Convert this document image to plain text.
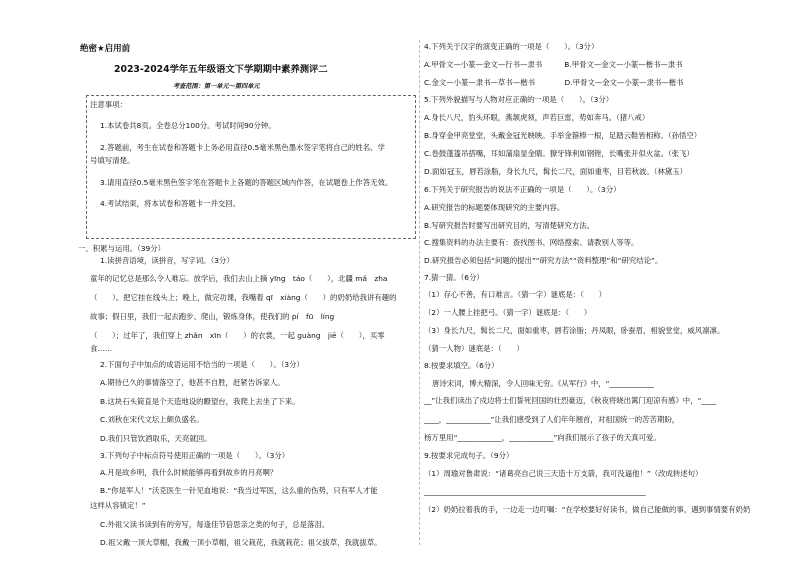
绝密★启用前
2023-2024学年五年级语文下学期期中素养测评二
考查范围：第一单元～第四单元
注意事项：
1.本试卷共8页。全卷总分100分。考试时间90分钟。
2.答题前，考生在试卷和答题卡上务必用直径0.5毫米黑色墨水签字笔将自己的姓名、学
号填写清楚。
3.请用直径0.5毫米黑色签字笔在答题卡上各题的答题区域内作答，在试题卷上作答无效。
4.考试结束，将本试卷和答题卡一并交回。
一、积累与运用。（39分）
1.读拼音语境，读拼音，写字词。（3分）
童年的记忆总是那么令人难忘。放学后，我们去山上摘 yīng　táo（　　），北疆 mǎ　zha
（　　）。把它挂在线头上；晚上，做完功课，我嘴着 qī　xiàng（　　）的奶奶给我讲有趣的
故事；假日里，我们一起去跑步、爬山，锻炼身体，使我们的 pí　fū　líng
（　　）；过年了，我们穿上 zhǎn　xīn（　　）的衣裳，一起 guàng　jiē（　　），买零
食……
2.下面句子中加点的成语运用不恰当的一项是（　　）。（3分）
A.期待已久的事情落空了，他甚不自胜，赶紧告诉家人。
B.这块石头简直是个天造地设的瞭望台，我爬上去坐了下来。
C.刘秋在宋代文坛上颇负盛名。
D.我们只管饮酒取乐，天亮就回。
3.下列句子中标点符号使用正确的一项是（　　）。（3分）
A.月是故乡明，我什么时候能够再看到故乡的月亮啊？
B.“你是军人！”沃克医生一针见血地说：“我当过军医，这么重的伤势，只有军人才能
这样从容镇定！”
C.外祖父读书读到有的旁写，每逢佳节倍思亲之类的句子，总是落泪。
D.祖父戴一顶大草帽，我戴一顶小草帽，祖父栽花，我就栽花；祖父拔草，我就拔草。
4.下列关于汉字的演变正确的一项是（　　）。（3分）
A.甲骨文—小篆—金文—行书—隶书　　　B.甲骨文—金文—小篆—楷书—隶书
C.金文—小篆—隶书—草书—楷书　　　　D.甲骨文—金文—小篆—隶书—楷书
5.下列外貌描写与人物对应正确的一项是（　　）。（3分）
A.身长八尺，豹头环眼，燕颔虎须，声若巨雷，势如奔马。（猪八戒）
B.身穿金甲亮堂堂，头戴金冠光映映。手举金箍棒一根，足踏云鞋皆相称。（孙悟空）
C.卷鼓蓬篷吊搭嘴，耳如蒲扇显金睛。獠牙锋利如钢锉，长嘴张开似火盆。（张飞）
D.面如冠玉，唇若涂脂，身长九尺，髯长二尺，面如重枣，目若秋波。（林黛玉）
6.下列关于研究报告的说法不正确的一项是（　　）。（3分）
A.研究报告的标题要体现研究的主要内容。
B.写研究报告时要写出研究目的，写清楚研究方法。
C.搜集资料的办法主要有：查找图书、网络搜索、请教别人等等。
D.研究报告必须包括“问题的提出”“研究方法”“资料整理”和“研究结论”。
7.猜一猜。（6分）
（1）存心不善，有口难言。（猜一字）谜底是：（　　）
（2）一人腰上挂把弓。（猜一字）谜底是：（　　）
（3）身长九尺，髯长二尺，面如重枣，唇若涂脂；丹凤眼，卧蚕眉，相貌堂堂，威风凛凛。
（猜一人物）谜底是：（　　）
8.按要求填空。（6分）
唐诗宋词，博大精深，令人回味无穷。《从军行》中，“____________
__”让我们读出了戍边将士们誓死回国的壮烈豪迈，《秋夜将晓出篱门迎凉有感》中，“____
____，____________”让我们感受到了人们年年翘首，对祖国统一的苦苦期盼，
杨万里用“____________，____________”向我们展示了孩子的天真可爱。
9.按要求完成句子。（9分）
（1）周瑜对鲁肃说：“诸葛亮自己说三天造十万支箭，我可没逼他！”（改成转述句）
____________________________________________________________
（2）奶奶拉着我的手，一边走一边叮嘱：“在学校要好好读书，做自己能做的事，遇到事情要有奶奶
